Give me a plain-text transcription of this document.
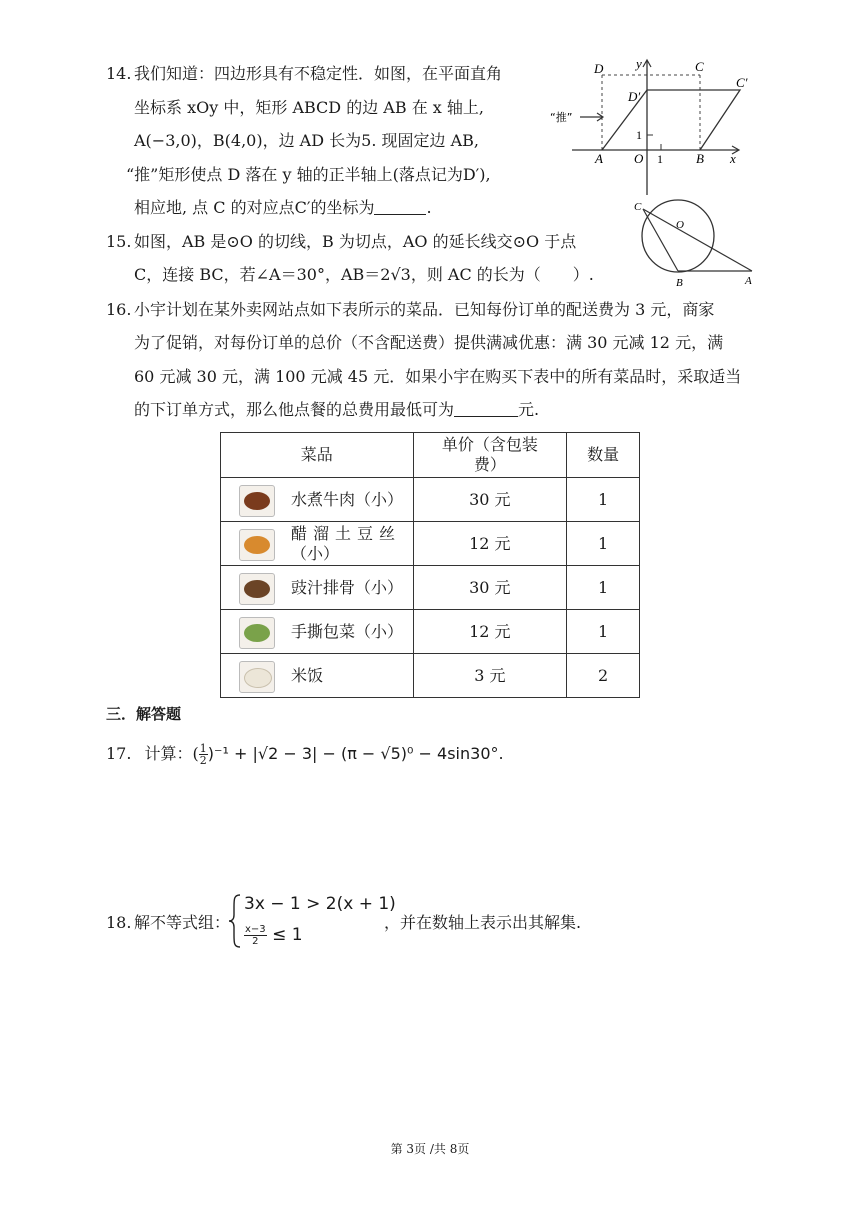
14. 我们知道：四边形具有不稳定性．如图，在平面直角
坐标系 xOy 中，矩形 ABCD 的边 AB 在 x 轴上,
A(−3,0)，B(4,0)，边 AD 长为5. 现固定边 AB,
“推”矩形使点 D 落在 y 轴的正半轴上(落点记为D′),
相应地, 点 C 的对应点C′的坐标为	.
D	y	C
C′
D′
“推”
1
A O 1	B x
15. 如图，AB 是⊙O 的切线，B 为切点，AO 的延长线交⊙O 于点
C，连接 BC，若∠A＝30°，AB＝2√3，则 AC 的长为（　　）.
C
O
B	A
16. 小宇计划在某外卖网站点如下表所示的菜品．已知每份订单的配送费为 3 元，商家
为了促销，对每份订单的总价（不含配送费）提供满减优惠：满 30 元减 12 元，满
60 元减 30 元，满 100 元减 45 元．如果小宇在购买下表中的所有菜品时，采取适当
的下订单方式，那么他点餐的总费用最低可为	元.
菜品	单价（含包装
费）	数量

水煮牛肉（小）	30 元	1

醋溜土豆丝
（小）	12 元	1

豉汁排骨（小）	30 元	1

手撕包菜（小）	12 元	1

米饭	3 元	2
三．解答题
17. 计算：( $\frac{1}{2} )^{-1} + |√2 - 3| - (\pi - √5)^0 - 4\sin 30^\circ$.
18. 解不等式组：
3x − 1 > 2(x + 1)
$\frac{x-3}{2} \le 1$
，并在数轴上表示出其解集.
第 3页 /共 8页
